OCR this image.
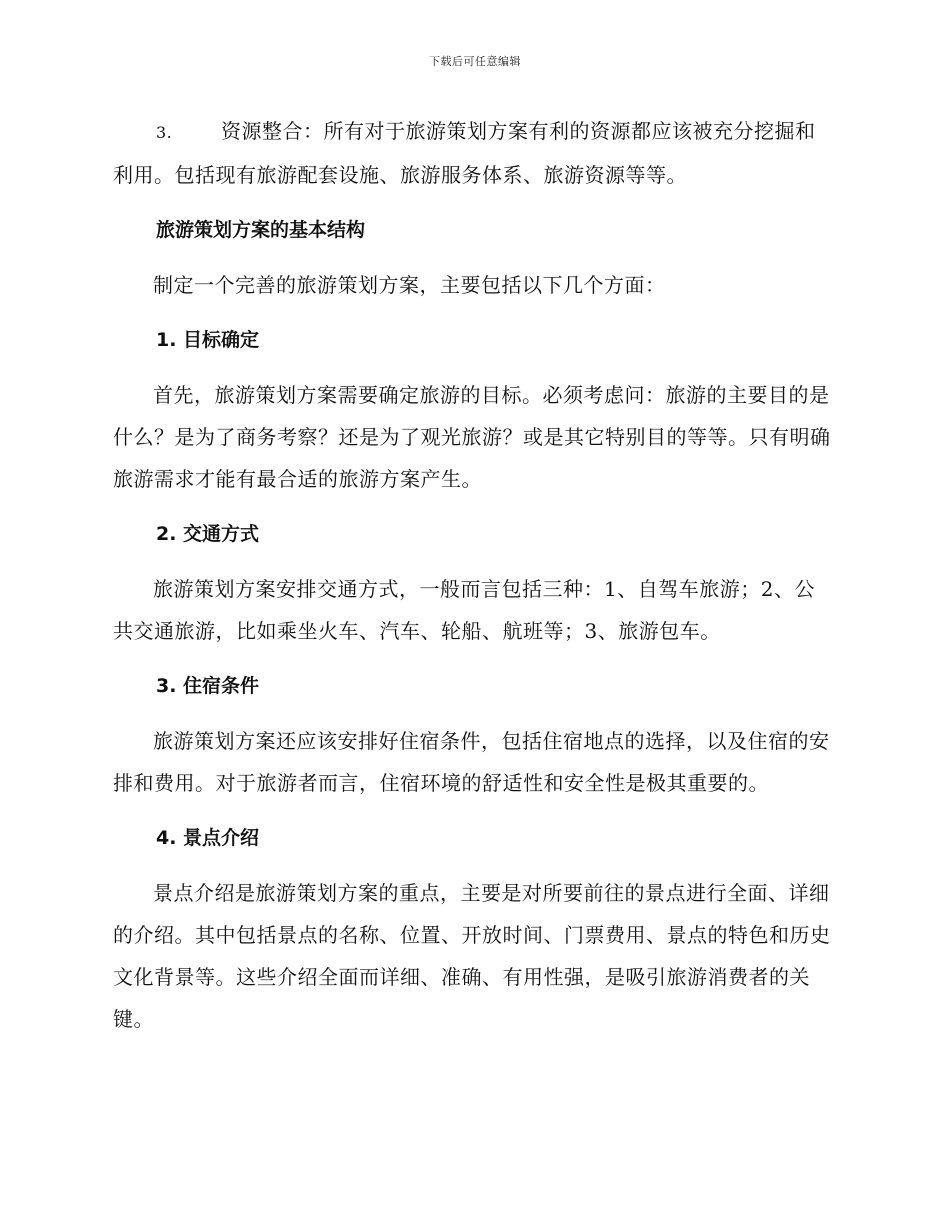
下载后可任意编辑

3. 资源整合：所有对于旅游策划方案有利的资源都应该被充分挖掘和利用。包括现有旅游配套设施、旅游服务体系、旅游资源等等。

旅游策划方案的基本结构

制定一个完善的旅游策划方案，主要包括以下几个方面：

1. 目标确定

首先，旅游策划方案需要确定旅游的目标。必须考虑问：旅游的主要目的是什么？是为了商务考察？还是为了观光旅游？或是其它特别目的等等。只有明确旅游需求才能有最合适的旅游方案产生。

2. 交通方式

旅游策划方案安排交通方式，一般而言包括三种：1、自驾车旅游；2、公共交通旅游，比如乘坐火车、汽车、轮船、航班等；3、旅游包车。

3. 住宿条件

旅游策划方案还应该安排好住宿条件，包括住宿地点的选择，以及住宿的安排和费用。对于旅游者而言，住宿环境的舒适性和安全性是极其重要的。

4. 景点介绍

景点介绍是旅游策划方案的重点，主要是对所要前往的景点进行全面、详细的介绍。其中包括景点的名称、位置、开放时间、门票费用、景点的特色和历史文化背景等。这些介绍全面而详细、准确、有用性强，是吸引旅游消费者的关键。
